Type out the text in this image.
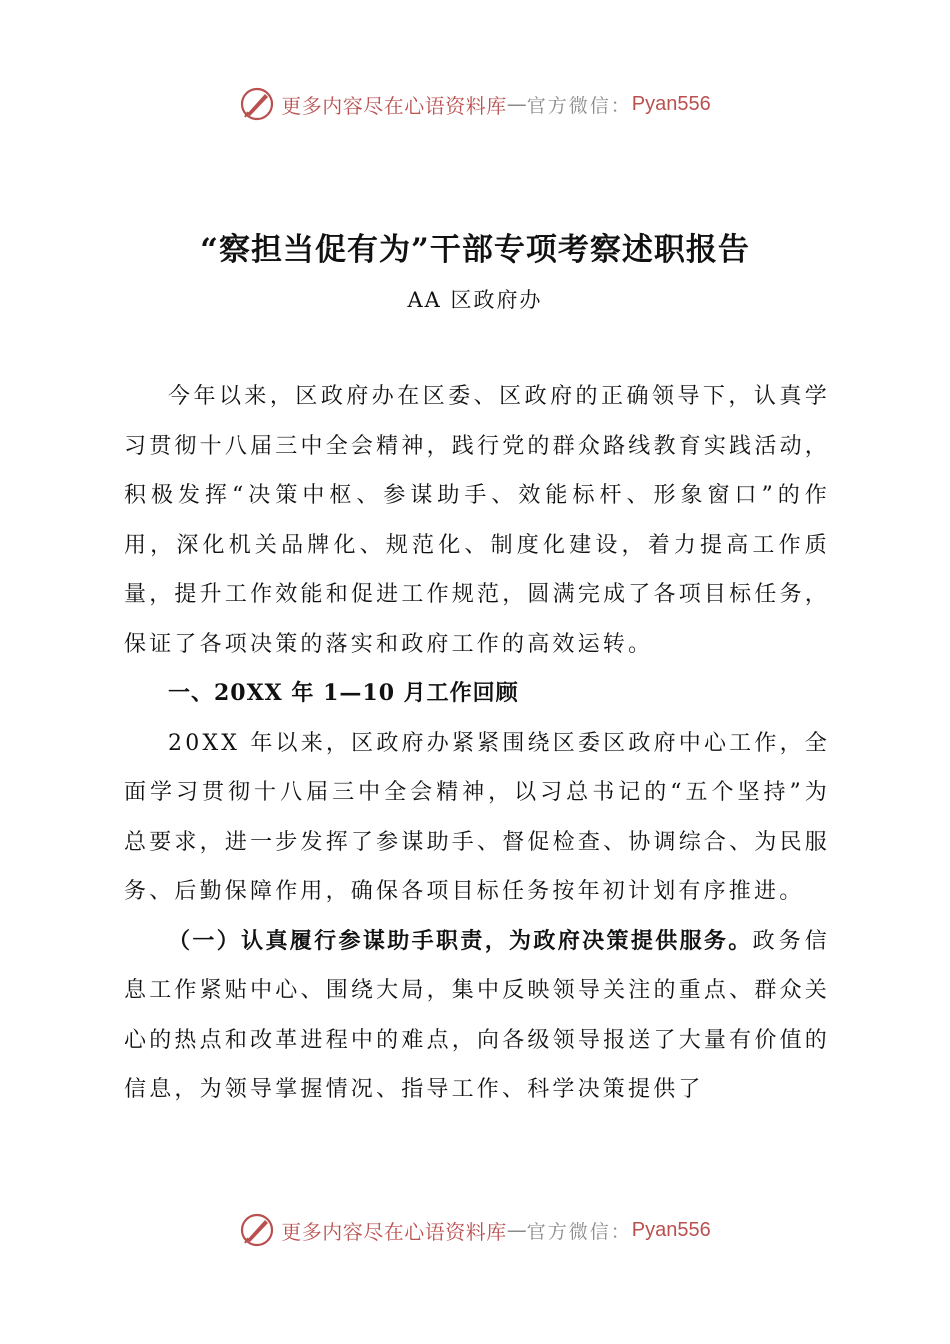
更多内容尽在心语资料库 — 官方微信： Pyan556
“察担当促有为”干部专项考察述职报告
AA 区政府办

今年以来，区政府办在区委、区政府的正确领导下，认真学习贯彻十八届三中全会精神，践行党的群众路线教育实践活动，积极发挥“决策中枢、参谋助手、效能标杆、形象窗口”的作用，深化机关品牌化、规范化、制度化建设，着力提高工作质量，提升工作效能和促进工作规范，圆满完成了各项目标任务，保证了各项决策的落实和政府工作的高效运转。

一、20XX 年 1—10 月工作回顾

20XX 年以来，区政府办紧紧围绕区委区政府中心工作，全面学习贯彻十八届三中全会精神，以习总书记的“五个坚持”为总要求，进一步发挥了参谋助手、督促检查、协调综合、为民服务、后勤保障作用，确保各项目标任务按年初计划有序推进。

（一）认真履行参谋助手职责，为政府决策提供服务。政务信息工作紧贴中心、围绕大局，集中反映领导关注的重点、群众关心的热点和改革进程中的难点，向各级领导报送了大量有价值的信息，为领导掌握情况、指导工作、科学决策提供了

更多内容尽在心语资料库 — 官方微信： Pyan556
